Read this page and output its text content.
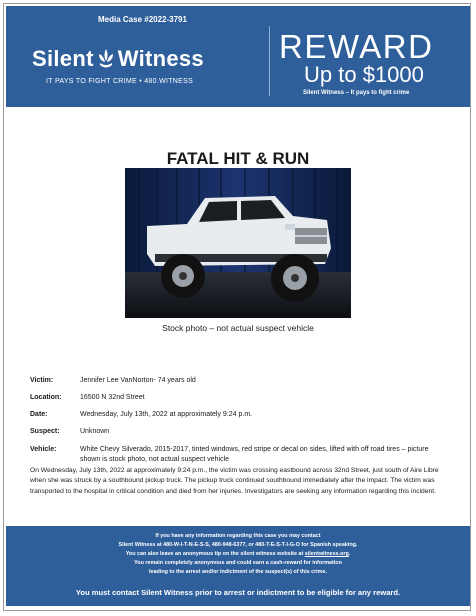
Media Case #2022-3791
Silent Witness
IT PAYS TO FIGHT CRIME • 480.WITNESS
REWARD
Up to $1000
Silent Witness – It pays to fight crime
FATAL HIT & RUN
Stock photo – not actual suspect vehicle
Victim:	Jennifer Lee VanNorton- 74 years old
Location:	16500 N 32nd Street
Date:	Wednesday, July 13th, 2022 at approximately 9:24 p.m.
Suspect:	Unknown
Vehicle:	White Chevy Silverado, 2015-2017, tinted windows, red stripe or decal on sides, lifted with off road tires – picture shown is stock photo, not actual suspect vehicle

On Wednesday, July 13th, 2022 at approximately 9:24 p.m., the victim was crossing eastbound across 32nd Street, just south of Aire Libre when she was struck by a southbound pickup truck. The pickup truck continued southbound immediately after the impact. The victim was transported to the hospital in critical condition and died from her injuries. Investigators are seeking any information regarding this incident.

If you have any information regarding this case you may contact
Silent Witness at 480-W-I-T-N-E-S-S, 480-948-6377, or 480-T-E-S-T-I-G-O for Spanish speaking.
You can also leave an anonymous tip on the silent witness website at silentwitness.org.
You remain completely anonymous and could earn a cash-reward for information
leading to the arrest and/or indictment of the suspect(s) of this crime.
You must contact Silent Witness prior to arrest or indictment to be eligible for any reward.
